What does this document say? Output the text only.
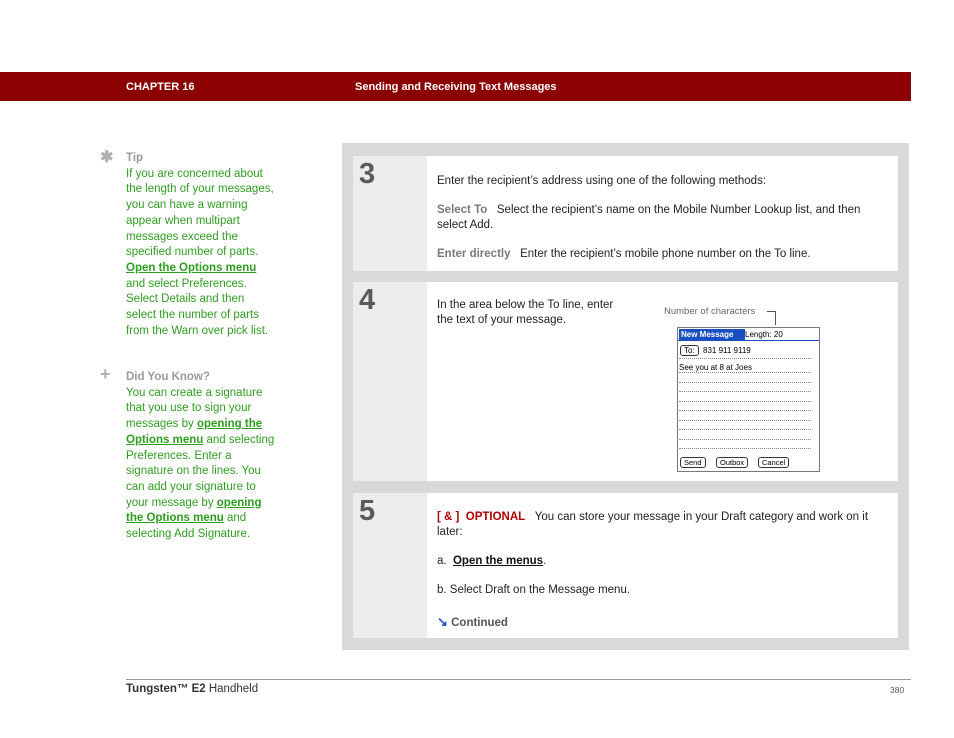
CHAPTER 16	Sending and Receiving Text Messages
✱ Tip
If you are concerned about the length of your messages, you can have a warning appear when multipart messages exceed the specified number of parts. Open the Options menu and select Preferences. Select Details and then select the number of parts from the Warn over pick list.
+ Did You Know?
You can create a signature that you use to sign your messages by opening the Options menu and selecting Preferences. Enter a signature on the lines. You can add your signature to your message by opening the Options menu and selecting Add Signature.
3	Enter the recipient’s address using one of the following methods:
Select To Select the recipient’s name on the Mobile Number Lookup list, and then select Add.
Enter directly Enter the recipient’s mobile phone number on the To line.
4	In the area below the To line, enter the text of your message.
Number of characters
New Message	Length: 20
To:	831 911 9119
See you at 8 at Joes
Send	Outbox	Cancel
5	[ & ] OPTIONAL You can store your message in your Draft category and work on it later:
a. Open the menus.
b. Select Draft on the Message menu.
↘ Continued
Tungsten™ E2 Handheld	380
